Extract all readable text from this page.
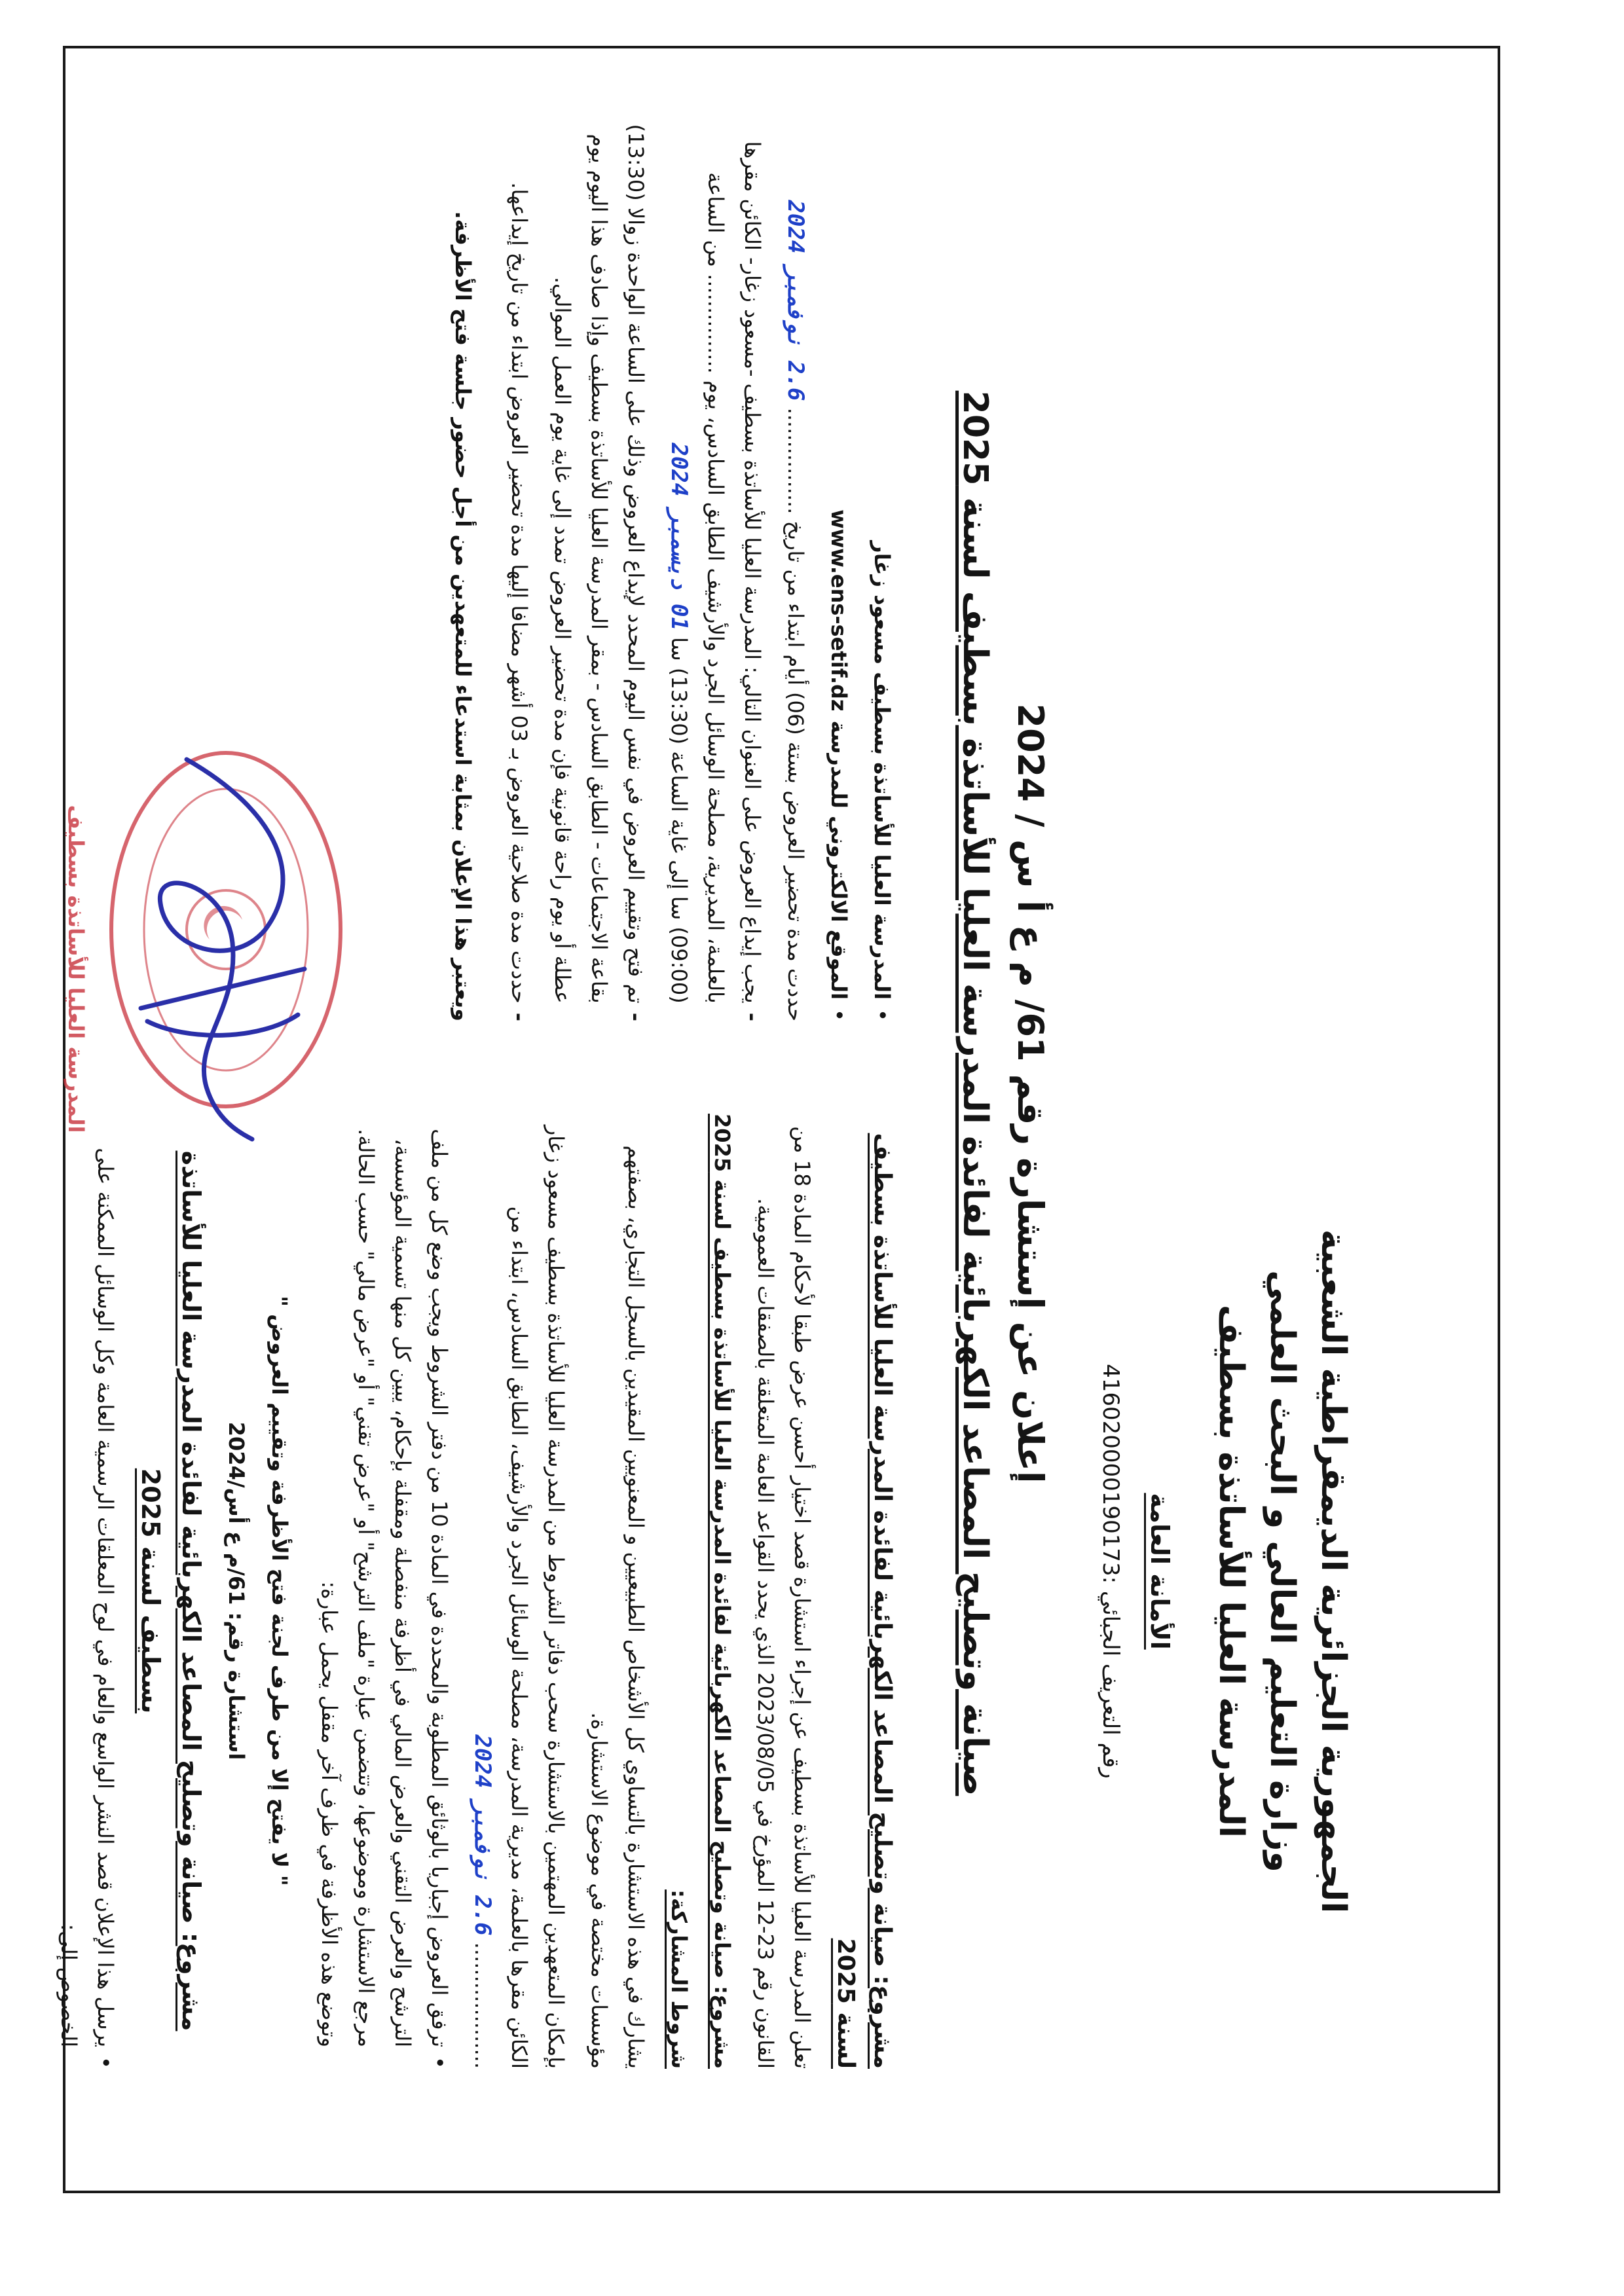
الجمهورية الجزائرية الديمقراطية الشعبية
وزارة التعليم العالي و البحث العلمي
المدرسة العليا للأساتذة بسطيف
الأمانة العامة
رقم التعريف الجبائي :416020000190173
إعلان عن إستشارة رقم 61/ م ع أ س / 2024
صيانة وتصليح المصاعد الكهربائية لفائدة المدرسة العليا للأساتذة بسطيف لسنة 2025
مشروع: صيانة وتصليح المصاعد الكهربائية لفائدة المدرسة العليا للأساتذة بسطيف لسنة 2025

تعلن المدرسة العليا للأساتذة بسطيف عن إجراء استشارة قصد اختيار أحسن عرض طبقا لأحكام المادة 18 من القانون رقم 23-12 المؤرخ في 2023/08/05 الذي يحدد القواعد العامة المتعلقة بالصفقات العمومية.

مشروع: صيانة وتصليح المصاعد الكهربائية لفائدة المدرسة العليا للأساتذة بسطيف لسنة 2025
شروط المشاركة:

يشارك في هذه الاستشارة بالتساوي كل الأشخاص الطبيعيين و المعنويين المقيدين بالسجل التجاري، بصفتهم مؤسسات مختصة في موضوع الاستشارة.

بإمكان المتعهدين المهتمين بالاستشارة سحب دفاتر الشروط من المدرسة العليا للأساتذة بسطيف مسعود زغار الكائن مقرها بالعلمة، مديرية المدرسة، مصلحة الوسائل الجرد والأرشيف، الطابق السادس، ابتداء من ................... 2.6 نوفمبر 2024

•
ترفق العروض إجباريا بالوثائق المطلوبة والمحددة في المادة 10 من دفتر الشروط ويجب وضع كل من ملف الترشح والعرض التقني والعرض المالي في أظرفة منفصلة ومقفلة بإحكام، يبين كل منها تسمية المؤسسة، مرجع الاستشارة وموضوعها، وتتضمن عبارة "ملف الترشح" أو "عرض تقني" أو "عرض مالي" حسب الحالة. وتوضع هذه الأظرفة في ظرف آخر مقفل يحمل عبارة:
" لا يفتح إلا من طرف لجنة فتح الأظرفة وتقييم العروض "
استشارة رقم: 61/م ع أس/2024
مشروع: صيانة وتصليح المصاعد الكهربائية لفائدة المدرسة العليا للأساتذة بسطيف لسنة 2025
•
يرسل هذا الإعلان قصد النشر الواسع والعام في لوح المعلقات الرسمية العامة وكل الوسائل الممكنة على الخصوص إلى:
•
المدرسة العليا للأساتذة بسطيف مسعود زغار
•
الموقع الالكتروني للمدرسة
www.ens-setif.dz

حددت مدة تحضير العروض بستة (06) أيام ابتداء من تاريخ ................ 2.6 نوفمبر 2024

-
يجب إيداع العروض على العنوان التالي: المدرسة العليا للأساتذة بسطيف -مسعود زغار- الكائن مقرها بالعلمة، المديرية، مصلحة الوسائل الجرد والأرشيف الطابق السادس، يوم ............... من الساعة (09:00) سا إلى غاية الساعة (13:30) سا 01 ديسمبر 2024
-
تم فتح وتقييم العروض في نفس اليوم المحدد لإيداع العروض وذلك على الساعة الواحدة زوالا (13:30) بقاعة الاجتماعات - الطابق السادس - بمقر المدرسة العليا للأساتذة بسطيف وإذا صادف هذا اليوم يوم عطلة أو يوم راحة قانونية فإن مدة تحضير العروض تمدد إلى غاية يوم العمل الموالي.
-
حددت مدة صلاحية العروض بـ 03 أشهر مضافا إليها مدة تحضير العروض ابتداء من تاريخ إيداعها.
ويعتبر هذا الإعلان بمثابة استدعاء للمتعهدين من أجل حضور جلسة فتح الأظرفة.
المدرسة العليا للأساتذة بسطيف
